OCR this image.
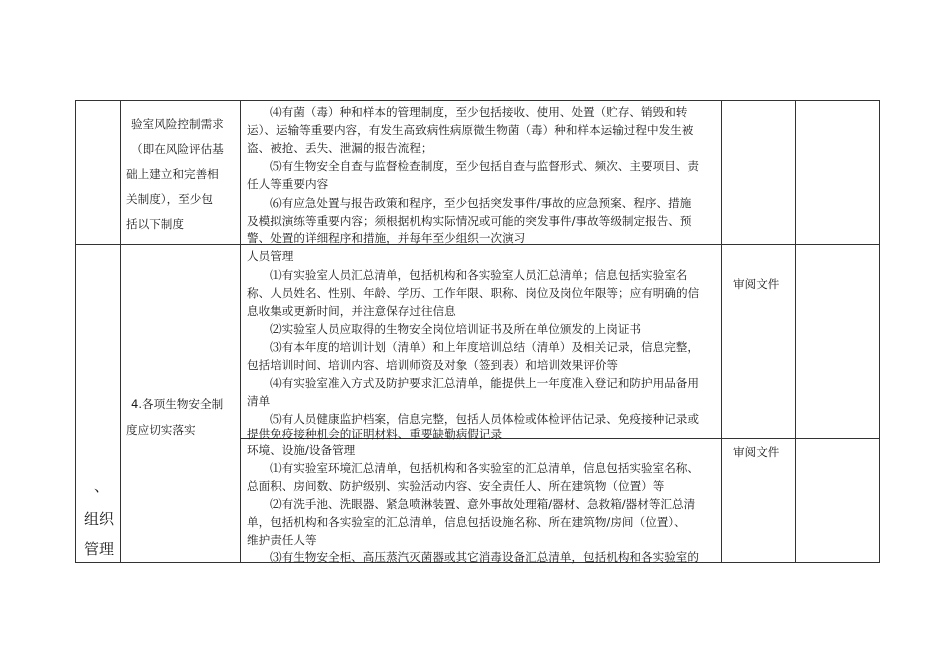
验室风险控制需求
（即在风险评估基
础上建立和完善相
关制度），至少包
括以下制度
⑷有菌（毒）种和样本的管理制度，至少包括接收、使用、处置（贮存、销毁和转
运）、运输等重要内容，有发生高致病性病原微生物菌（毒）种和样本运输过程中发生被
盗、被抢、丢失、泄漏的报告流程；
⑸有生物安全自查与监督检查制度，至少包括自查与监督形式、频次、主要项目、责
任人等重要内容
⑹有应急处置与报告政策和程序，至少包括突发事件/事故的应急预案、程序、措施
及模拟演练等重要内容；须根据机构实际情况或可能的突发事件/事故等级制定报告、预
警、处置的详细程序和措施，并每年至少组织一次演习
、
组织
管理
4.各项生物安全制
度应切实落实
人员管理
⑴有实验室人员汇总清单，包括机构和各实验室人员汇总清单；信息包括实验室名
称、人员姓名、性别、年龄、学历、工作年限、职称、岗位及岗位年限等；应有明确的信
息收集或更新时间，并注意保存过往信息
⑵实验室人员应取得的生物安全岗位培训证书及所在单位颁发的上岗证书
⑶有本年度的培训计划（清单）和上年度培训总结（清单）及相关记录，信息完整，
包括培训时间、培训内容、培训师资及对象（签到表）和培训效果评价等
⑷有实验室准入方式及防护要求汇总清单，能提供上一年度准入登记和防护用品备用
清单
⑸有人员健康监护档案，信息完整，包括人员体检或体检评估记录、免疫接种记录或
提供免疫接种机会的证明材料、重要缺勤病假记录
审阅文件
环境、设施/设备管理
⑴有实验室环境汇总清单，包括机构和各实验室的汇总清单，信息包括实验室名称、
总面积、房间数、防护级别、实验活动内容、安全责任人、所在建筑物（位置）等
⑵有洗手池、洗眼器、紧急喷淋装置、意外事故处理箱/器材、急救箱/器材等汇总清
单，包括机构和各实验室的汇总清单，信息包括设施名称、所在建筑物/房间（位置）、
维护责任人等
⑶有生物安全柜、高压蒸汽灭菌器或其它消毒设备汇总清单，包括机构和各实验室的
审阅文件
